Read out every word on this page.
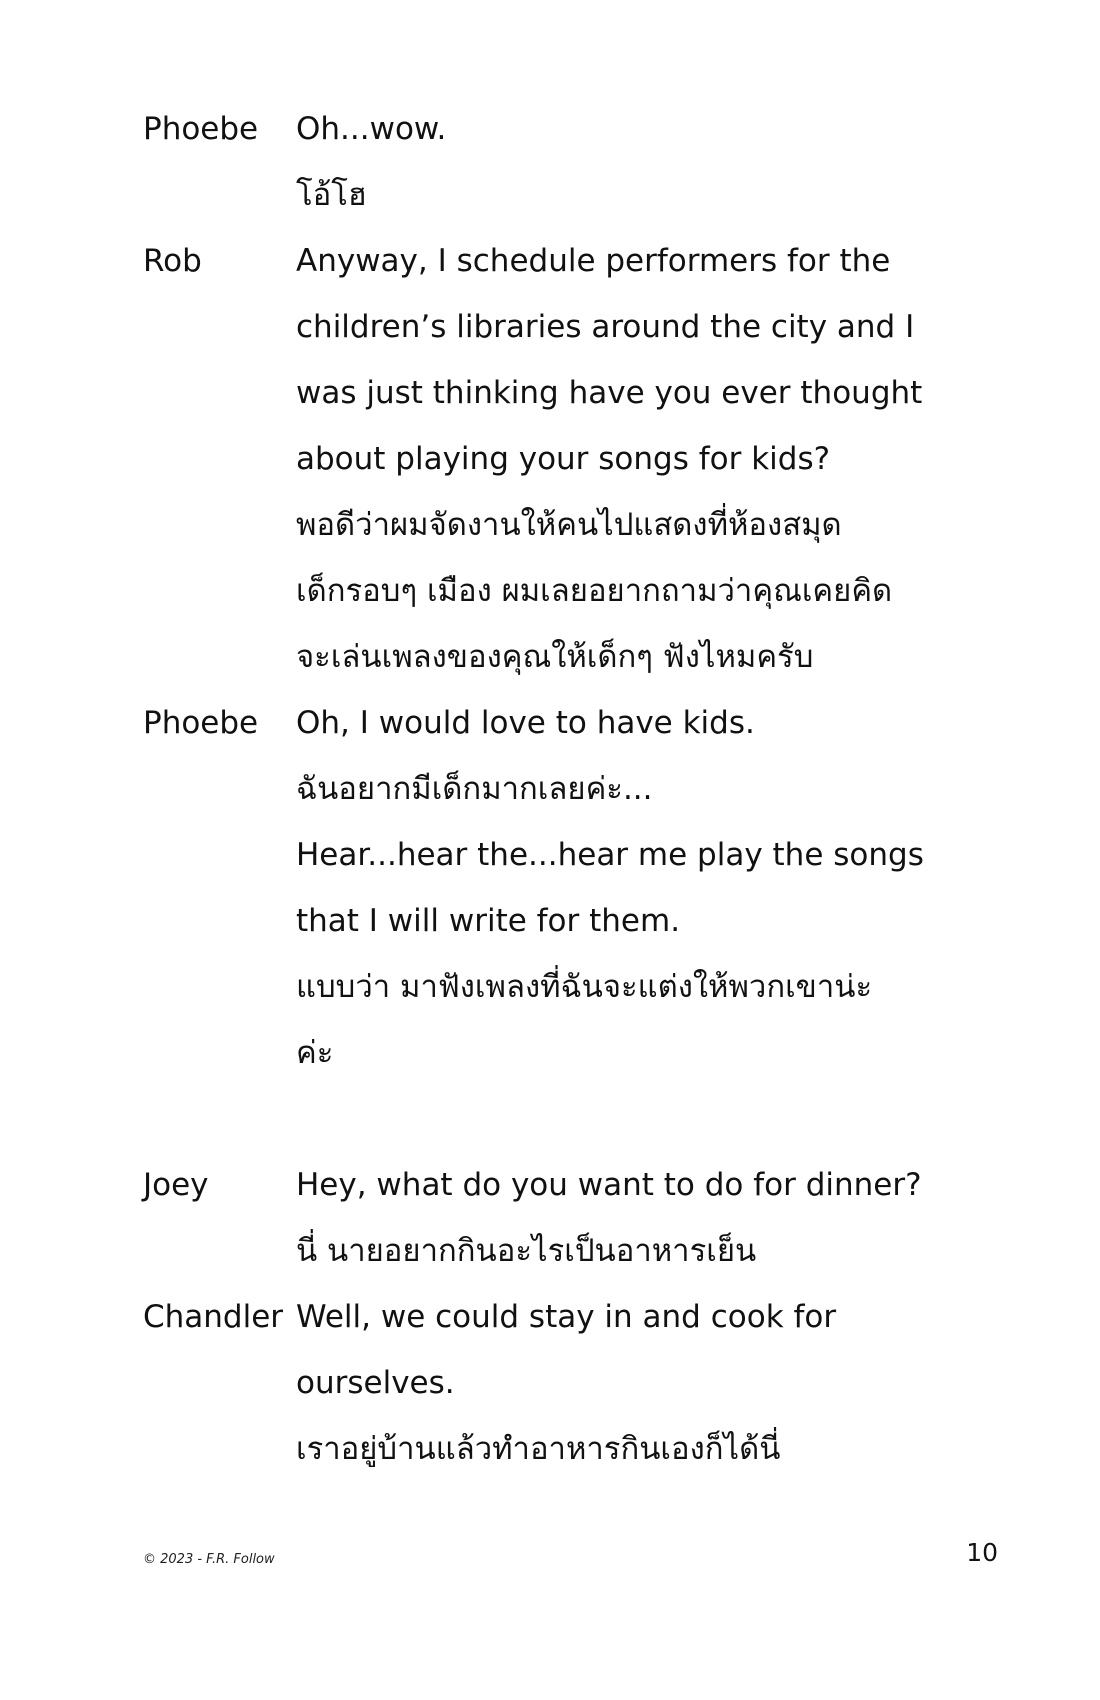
Phoebe	Oh...wow.
โอ้โฮ
Rob	Anyway, I schedule performers for the
children’s libraries around the city and I
was just thinking have you ever thought
about playing your songs for kids?
พอดีว่าผมจัดงานให้คนไปแสดงที่ห้องสมุด
เด็กรอบๆ เมือง ผมเลยอยากถามว่าคุณเคยคิด
จะเล่นเพลงของคุณให้เด็กๆ ฟังไหมครับ
Phoebe	Oh, I would love to have kids.
ฉันอยากมีเด็กมากเลยค่ะ...
Hear...hear the...hear me play the songs
that I will write for them.
แบบว่า มาฟังเพลงที่ฉันจะแต่งให้พวกเขาน่ะ
ค่ะ
Joey	Hey, what do you want to do for dinner?
นี่ นายอยากกินอะไรเป็นอาหารเย็น
Chandler Well, we could stay in and cook for
ourselves.
เราอยู่บ้านแล้วทำอาหารกินเองก็ได้นี่
© 2023 - F.R. Follow	10
